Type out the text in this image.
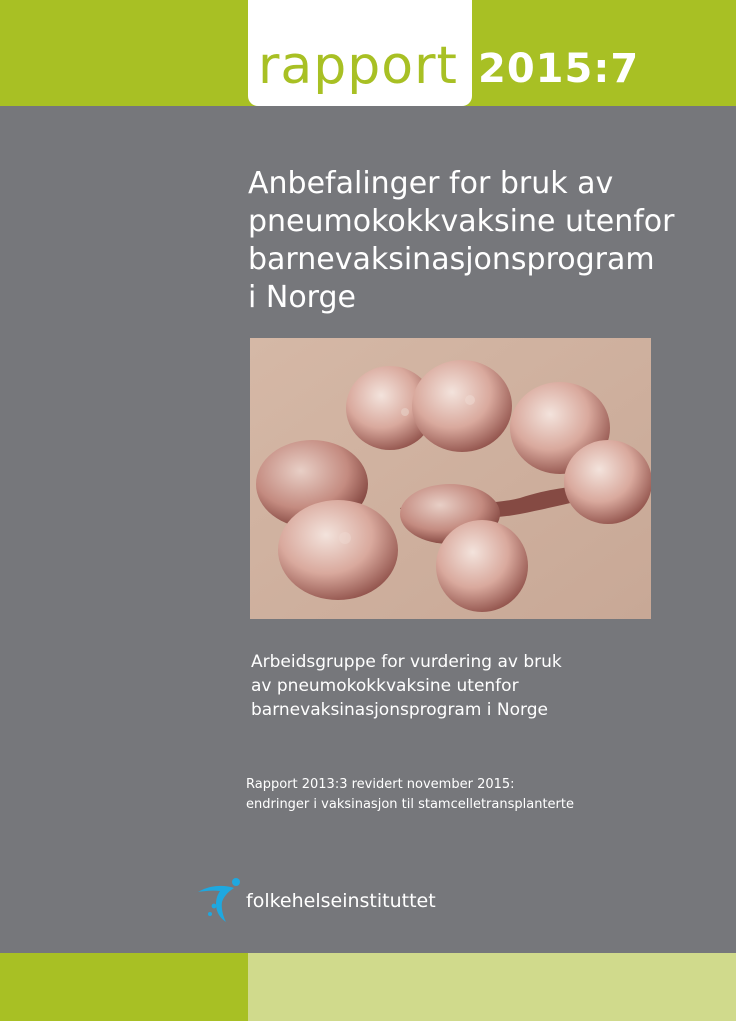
rapport 2015:7
Anbefalinger for bruk av
pneumokokkvaksine utenfor
barnevaksinasjonsprogram
i Norge
Arbeidsgruppe for vurdering av bruk
av pneumokokkvaksine utenfor
barnevaksinasjonsprogram i Norge
Rapport 2013:3 revidert november 2015:
endringer i vaksinasjon til stamcelletransplanterte
folkehelseinstituttet
